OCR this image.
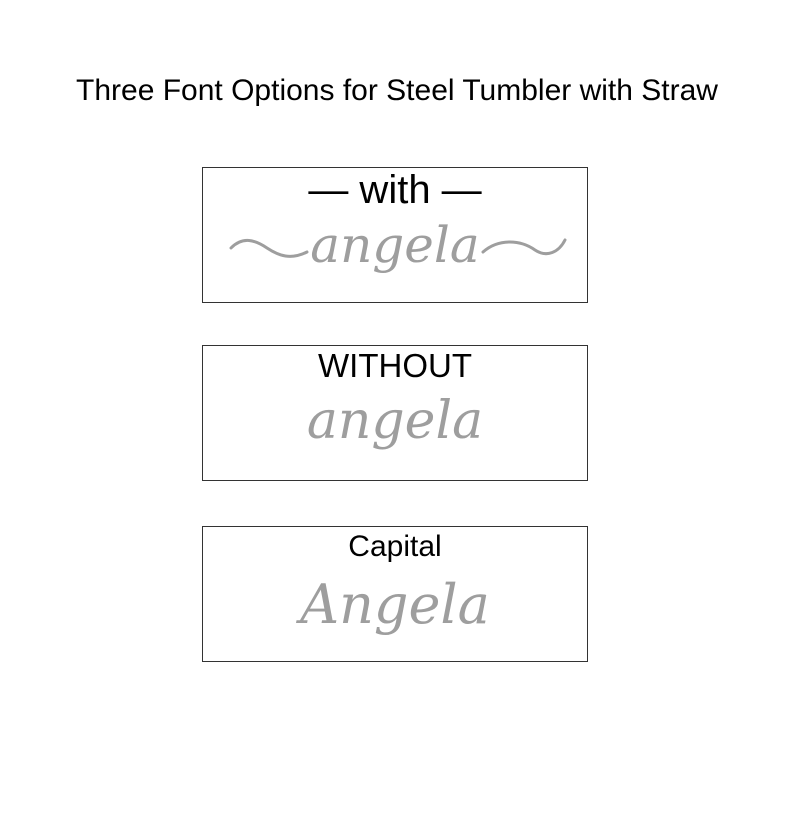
Three Font Options for Steel Tumbler with Straw
— with —
angela
WITHOUT
angela
Capital
Angela
